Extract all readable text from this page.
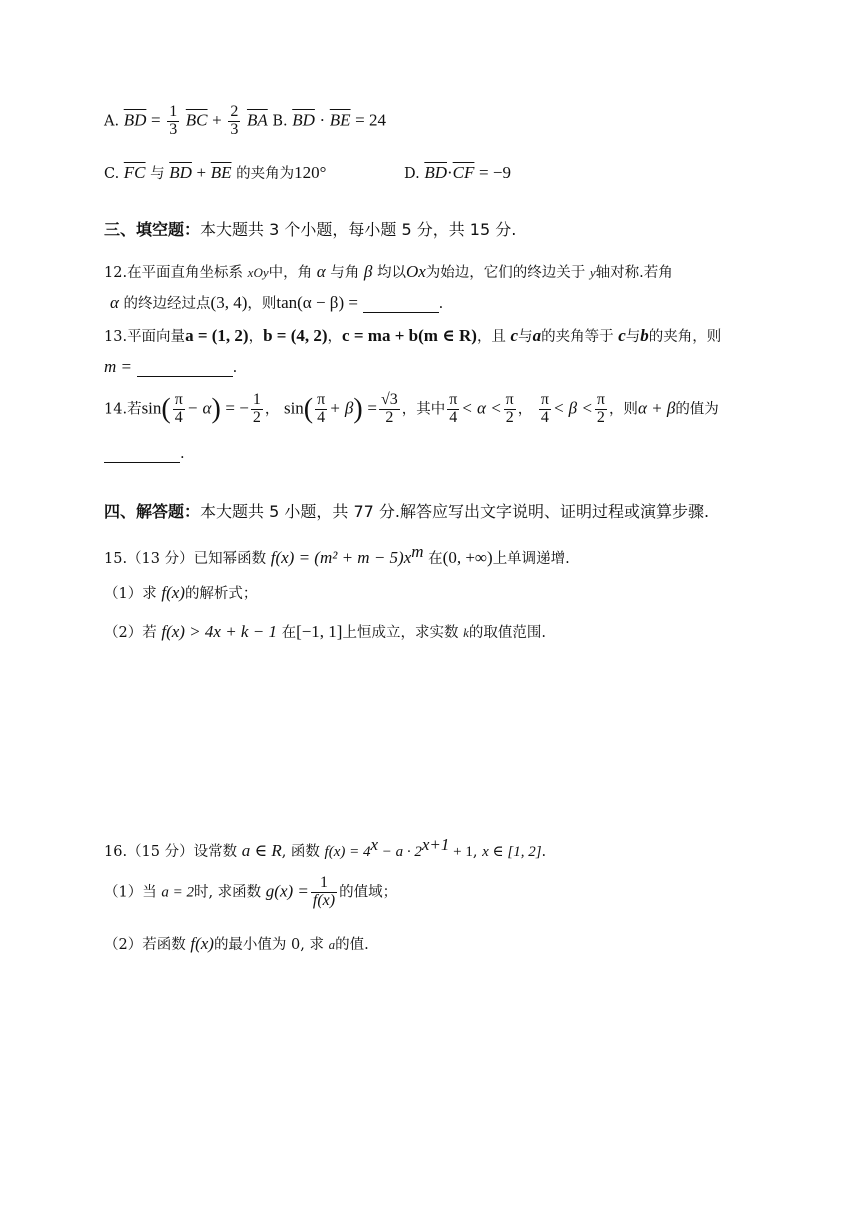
A. $\overline{BD} = \frac{1}{3} \overline{BC} + \frac{2}{3} \overline{BA}$ B. $\overline{BD} \cdot \overline{BE} = 24$
C. $\overline{FC}$ 与 $\overline{BD} + \overline{BE}$ 的夹角为120°	D. $\overline{BD}\cdot\overline{CF} = -9$
三、填空题：本大题共 3 个小题，每小题 5 分，共 15 分.
12.在平面直角坐标系 xOy中，角 α 与角 β 均以Ox为始边，它们的终边关于 y轴对称.若角
α 的终边经过点(3, 4)，则tan(α − β) =	.
13.平面向量a = (1, 2)，b = (4, 2)，c = ma + b(m ∈ R)，且 c与a的夹角等于 c与b的夹角，则
m =	.
14.若$\sin( \frac{\pi}{4} - \alpha)$ = − $\frac{1}{2}$ ， $\sin( \frac{\pi}{4} + \beta) = \frac{√3}{2}$ ，其中 $\frac{\pi}{4} < \alpha < \frac{\pi}{2}$ ， $\frac{\pi}{4} < \beta < \frac{\pi}{2}$ ，则α + β的值为
.
四、解答题：本大题共 5 小题，共 77 分.解答应写出文字说明、证明过程或演算步骤.
15.（13 分）已知幂函数 $f(x) = (m^2 + m - 5)x^m$ 在(0, +∞)上单调递增.
（1）求 f(x)的解析式；
（2）若 f(x) > 4x + k − 1 在[−1, 1]上恒成立，求实数 k的取值范围.
16.（15 分）设常数 a ∈ R, 函数 $f(x) = 4^x - a \cdot 2^{x+1} + 1$, x ∈ [1, 2].
（1）当 a = 2时, 求函数 $g(x) = \frac{1}{f(x)}$ 的值域；
（2）若函数 f(x)的最小值为 0, 求 a的值.
